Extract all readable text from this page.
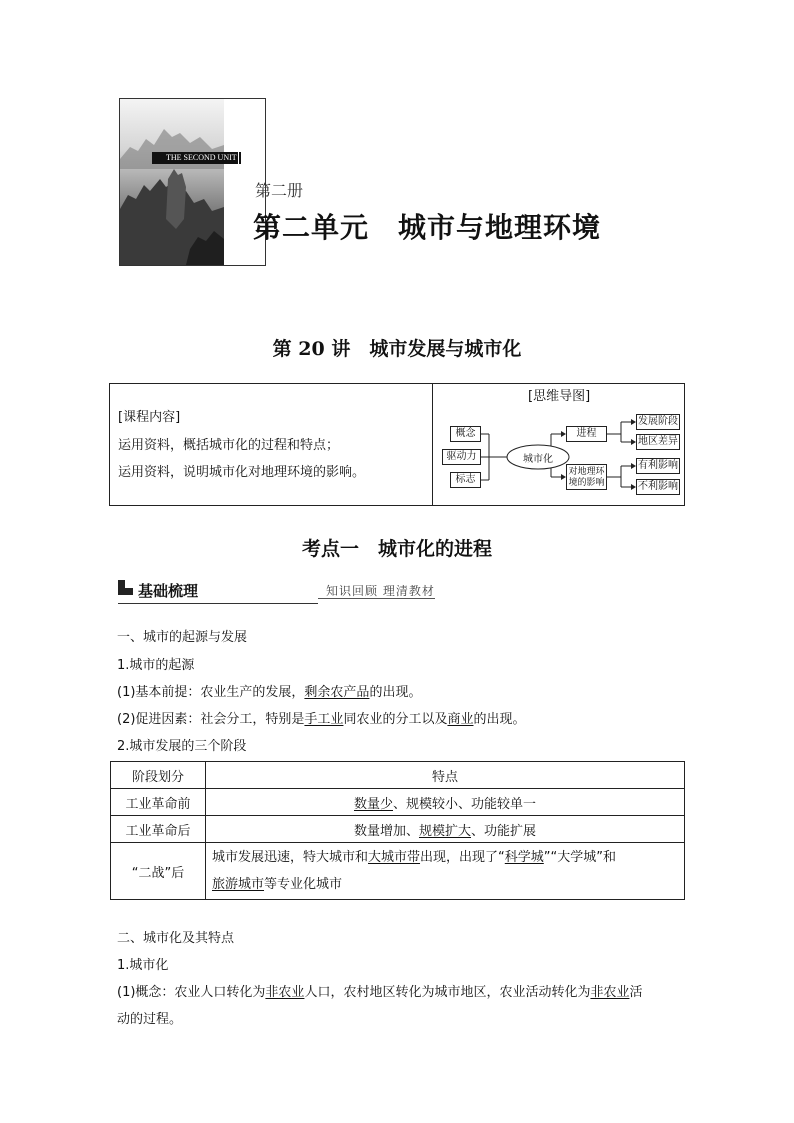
THE SECOND UNIT
第二册
第二单元　城市与地理环境
第 20 讲　城市发展与城市化
[课程内容]
运用资料，概括城市化的过程和特点；
运用资料，说明城市化对地理环境的影响。
[思维导图]
概念
驱动力
标志
城市化
进程
对地理环境的影响
发展阶段
地区差异
有利影响
不利影响
考点一　城市化的进程
基础梳理	知识回顾 理清教材
一、城市的起源与发展
1.城市的起源
(1)基本前提：农业生产的发展，剩余农产品的出现。
(2)促进因素：社会分工，特别是手工业同农业的分工以及商业的出现。
2.城市发展的三个阶段
阶段划分	特点
工业革命前	数量少、规模较小、功能较单一
工业革命后	数量增加、规模扩大、功能扩展
“二战”后	城市发展迅速，特大城市和大城市带出现，出现了“科学城”“大学城”和
旅游城市等专业化城市
二、城市化及其特点
1.城市化
(1)概念：农业人口转化为非农业人口，农村地区转化为城市地区，农业活动转化为非农业活
动的过程。
